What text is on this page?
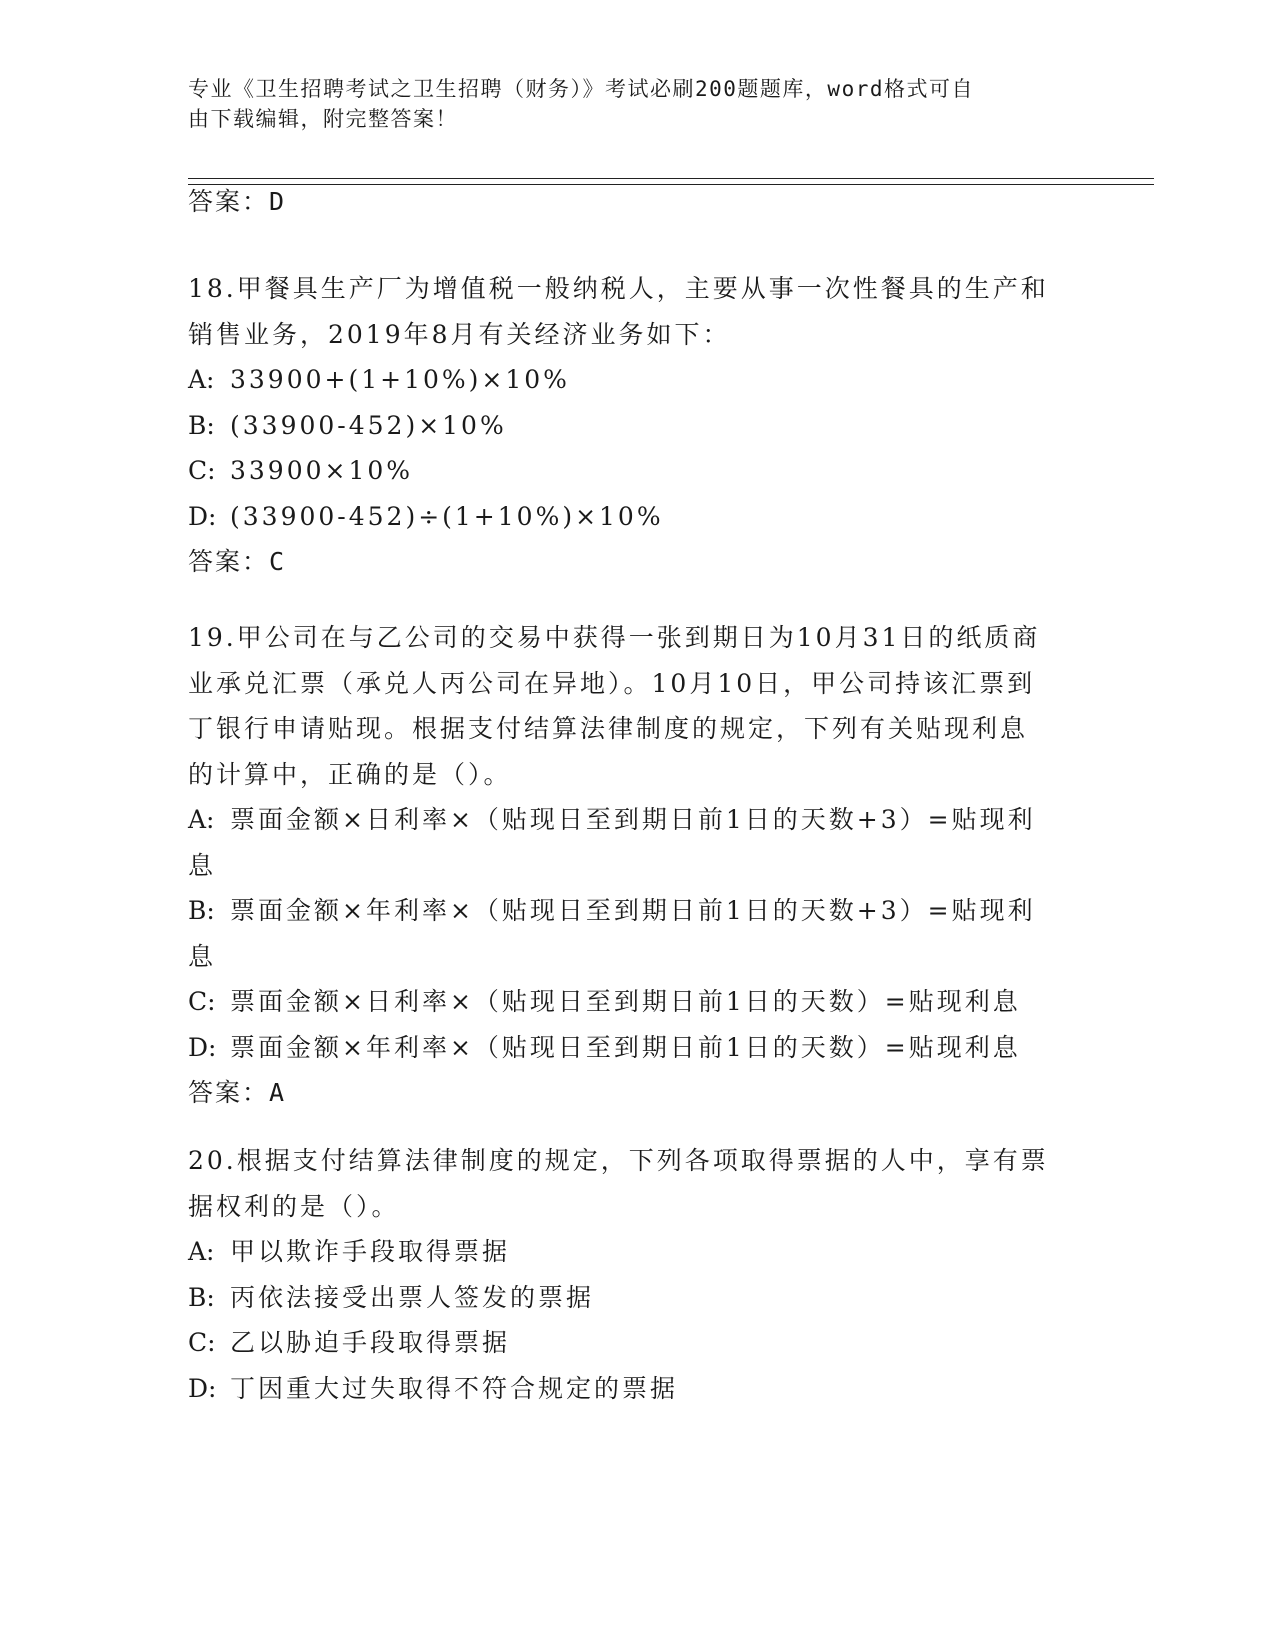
专业《卫生招聘考试之卫生招聘（财务）》考试必刷200题题库，word格式可自
由下载编辑，附完整答案！
答案：D
18.甲餐具生产厂为增值税一般纳税人，主要从事一次性餐具的生产和
销售业务，2019年8月有关经济业务如下：
A: 33900+(1+10%)×10%
B: (33900-452)×10%
C: 33900×10%
D: (33900-452)÷(1+10%)×10%
答案：C
19.甲公司在与乙公司的交易中获得一张到期日为10月31日的纸质商
业承兑汇票（承兑人丙公司在异地）。10月10日，甲公司持该汇票到
丁银行申请贴现。根据支付结算法律制度的规定，下列有关贴现利息
的计算中，正确的是（）。
A: 票面金额×日利率×（贴现日至到期日前1日的天数+3）=贴现利
息
B: 票面金额×年利率×（贴现日至到期日前1日的天数+3）=贴现利
息
C: 票面金额×日利率×（贴现日至到期日前1日的天数）=贴现利息
D: 票面金额×年利率×（贴现日至到期日前1日的天数）=贴现利息
答案：A
20.根据支付结算法律制度的规定，下列各项取得票据的人中，享有票
据权利的是（）。
A: 甲以欺诈手段取得票据
B: 丙依法接受出票人签发的票据
C: 乙以胁迫手段取得票据
D: 丁因重大过失取得不符合规定的票据
